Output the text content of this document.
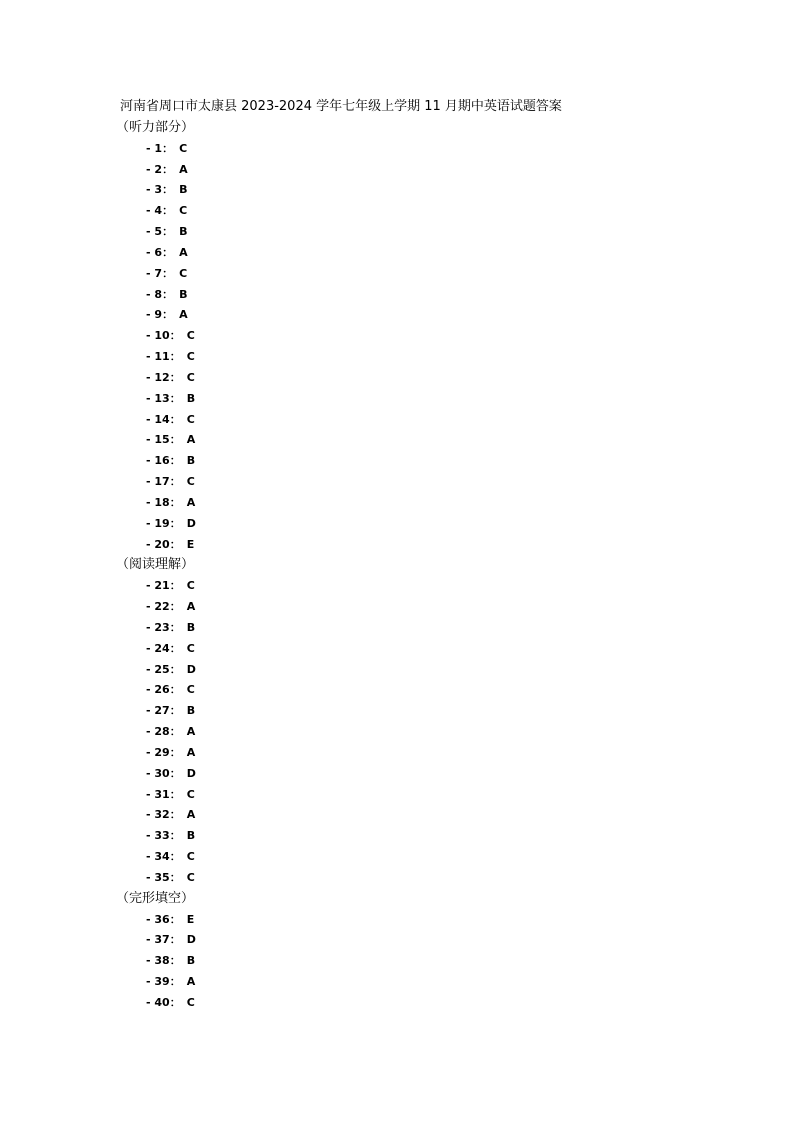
河南省周口市太康县 2023-2024 学年七年级上学期 11 月期中英语试题答案
（听力部分）
- 1： C
- 2： A
- 3： B
- 4： C
- 5： B
- 6： A
- 7： C
- 8： B
- 9： A
- 10： C
- 11： C
- 12： C
- 13： B
- 14： C
- 15： A
- 16： B
- 17： C
- 18： A
- 19： D
- 20： E
（阅读理解）
- 21： C
- 22： A
- 23： B
- 24： C
- 25： D
- 26： C
- 27： B
- 28： A
- 29： A
- 30： D
- 31： C
- 32： A
- 33： B
- 34： C
- 35： C
（完形填空）
- 36： E
- 37： D
- 38： B
- 39： A
- 40： C
